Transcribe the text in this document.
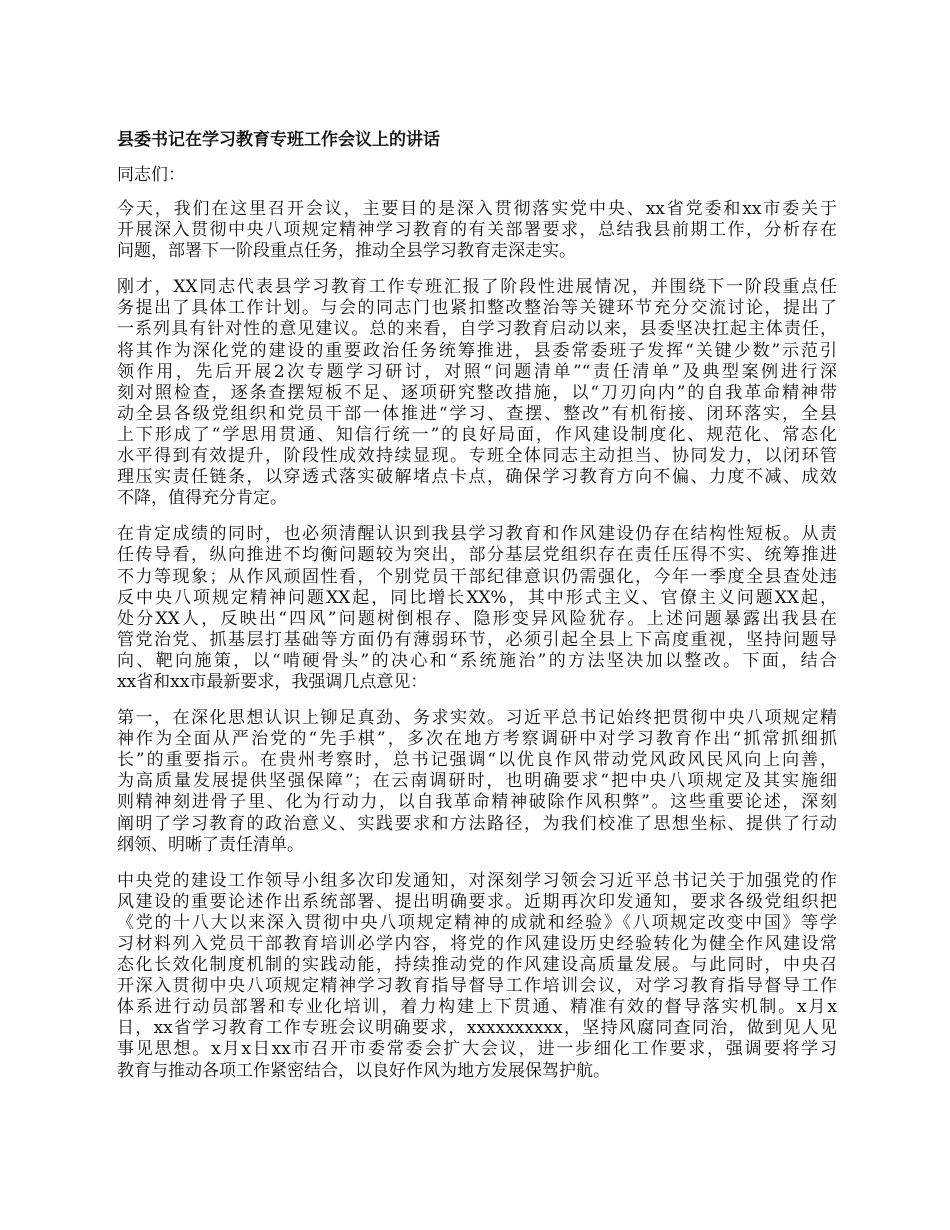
县委书记在学习教育专班工作会议上的讲话
同志们：
今天，我们在这里召开会议，主要目的是深入贯彻落实党中央、xx省党委和xx市委关于
开展深入贯彻中央八项规定精神学习教育的有关部署要求，总结我县前期工作，分析存在
问题，部署下一阶段重点任务，推动全县学习教育走深走实。
刚才，XX同志代表县学习教育工作专班汇报了阶段性进展情况，并围绕下一阶段重点任
务提出了具体工作计划。与会的同志门也紧扣整改整治等关键环节充分交流讨论，提出了
一系列具有针对性的意见建议。总的来看，自学习教育启动以来，县委坚决扛起主体责任，
将其作为深化党的建设的重要政治任务统筹推进，县委常委班子发挥“关键少数”示范引
领作用，先后开展2次专题学习研讨，对照“问题清单”“责任清单”及典型案例进行深
刻对照检查，逐条查摆短板不足、逐项研究整改措施，以“刀刃向内”的自我革命精神带
动全县各级党组织和党员干部一体推进“学习、查摆、整改”有机衔接、闭环落实，全县
上下形成了“学思用贯通、知信行统一”的良好局面，作风建设制度化、规范化、常态化
水平得到有效提升，阶段性成效持续显现。专班全体同志主动担当、协同发力，以闭环管
理压实责任链条，以穿透式落实破解堵点卡点，确保学习教育方向不偏、力度不减、成效
不降，值得充分肯定。
在肯定成绩的同时，也必须清醒认识到我县学习教育和作风建设仍存在结构性短板。从责
任传导看，纵向推进不均衡问题较为突出，部分基层党组织存在责任压得不实、统筹推进
不力等现象；从作风顽固性看，个别党员干部纪律意识仍需强化，今年一季度全县查处违
反中央八项规定精神问题XX起，同比增长XX%，其中形式主义、官僚主义问题XX起，
处分XX人，反映出“四风”问题树倒根存、隐形变异风险犹存。上述问题暴露出我县在
管党治党、抓基层打基础等方面仍有薄弱环节，必须引起全县上下高度重视，坚持问题导
向、靶向施策，以“啃硬骨头”的决心和“系统施治”的方法坚决加以整改。下面，结合
xx省和xx市最新要求，我强调几点意见：
第一，在深化思想认识上铆足真劲、务求实效。习近平总书记始终把贯彻中央八项规定精
神作为全面从严治党的“先手棋”，多次在地方考察调研中对学习教育作出“抓常抓细抓
长”的重要指示。在贵州考察时，总书记强调“以优良作风带动党风政风民风向上向善，
为高质量发展提供坚强保障”；在云南调研时，也明确要求“把中央八项规定及其实施细
则精神刻进骨子里、化为行动力，以自我革命精神破除作风积弊”。这些重要论述，深刻
阐明了学习教育的政治意义、实践要求和方法路径，为我们校准了思想坐标、提供了行动
纲领、明晰了责任清单。
中央党的建设工作领导小组多次印发通知，对深刻学习领会习近平总书记关于加强党的作
风建设的重要论述作出系统部署、提出明确要求。近期再次印发通知，要求各级党组织把
《党的十八大以来深入贯彻中央八项规定精神的成就和经验》《八项规定改变中国》等学
习材料列入党员干部教育培训必学内容，将党的作风建设历史经验转化为健全作风建设常
态化长效化制度机制的实践动能，持续推动党的作风建设高质量发展。与此同时，中央召
开深入贯彻中央八项规定精神学习教育指导督导工作培训会议，对学习教育指导督导工作
体系进行动员部署和专业化培训，着力构建上下贯通、精准有效的督导落实机制。x月x
日，xx省学习教育工作专班会议明确要求，xxxxxxxxxx，坚持风腐同查同治，做到见人见
事见思想。x月x日xx市召开市委常委会扩大会议，进一步细化工作要求，强调要将学习
教育与推动各项工作紧密结合，以良好作风为地方发展保驾护航。
